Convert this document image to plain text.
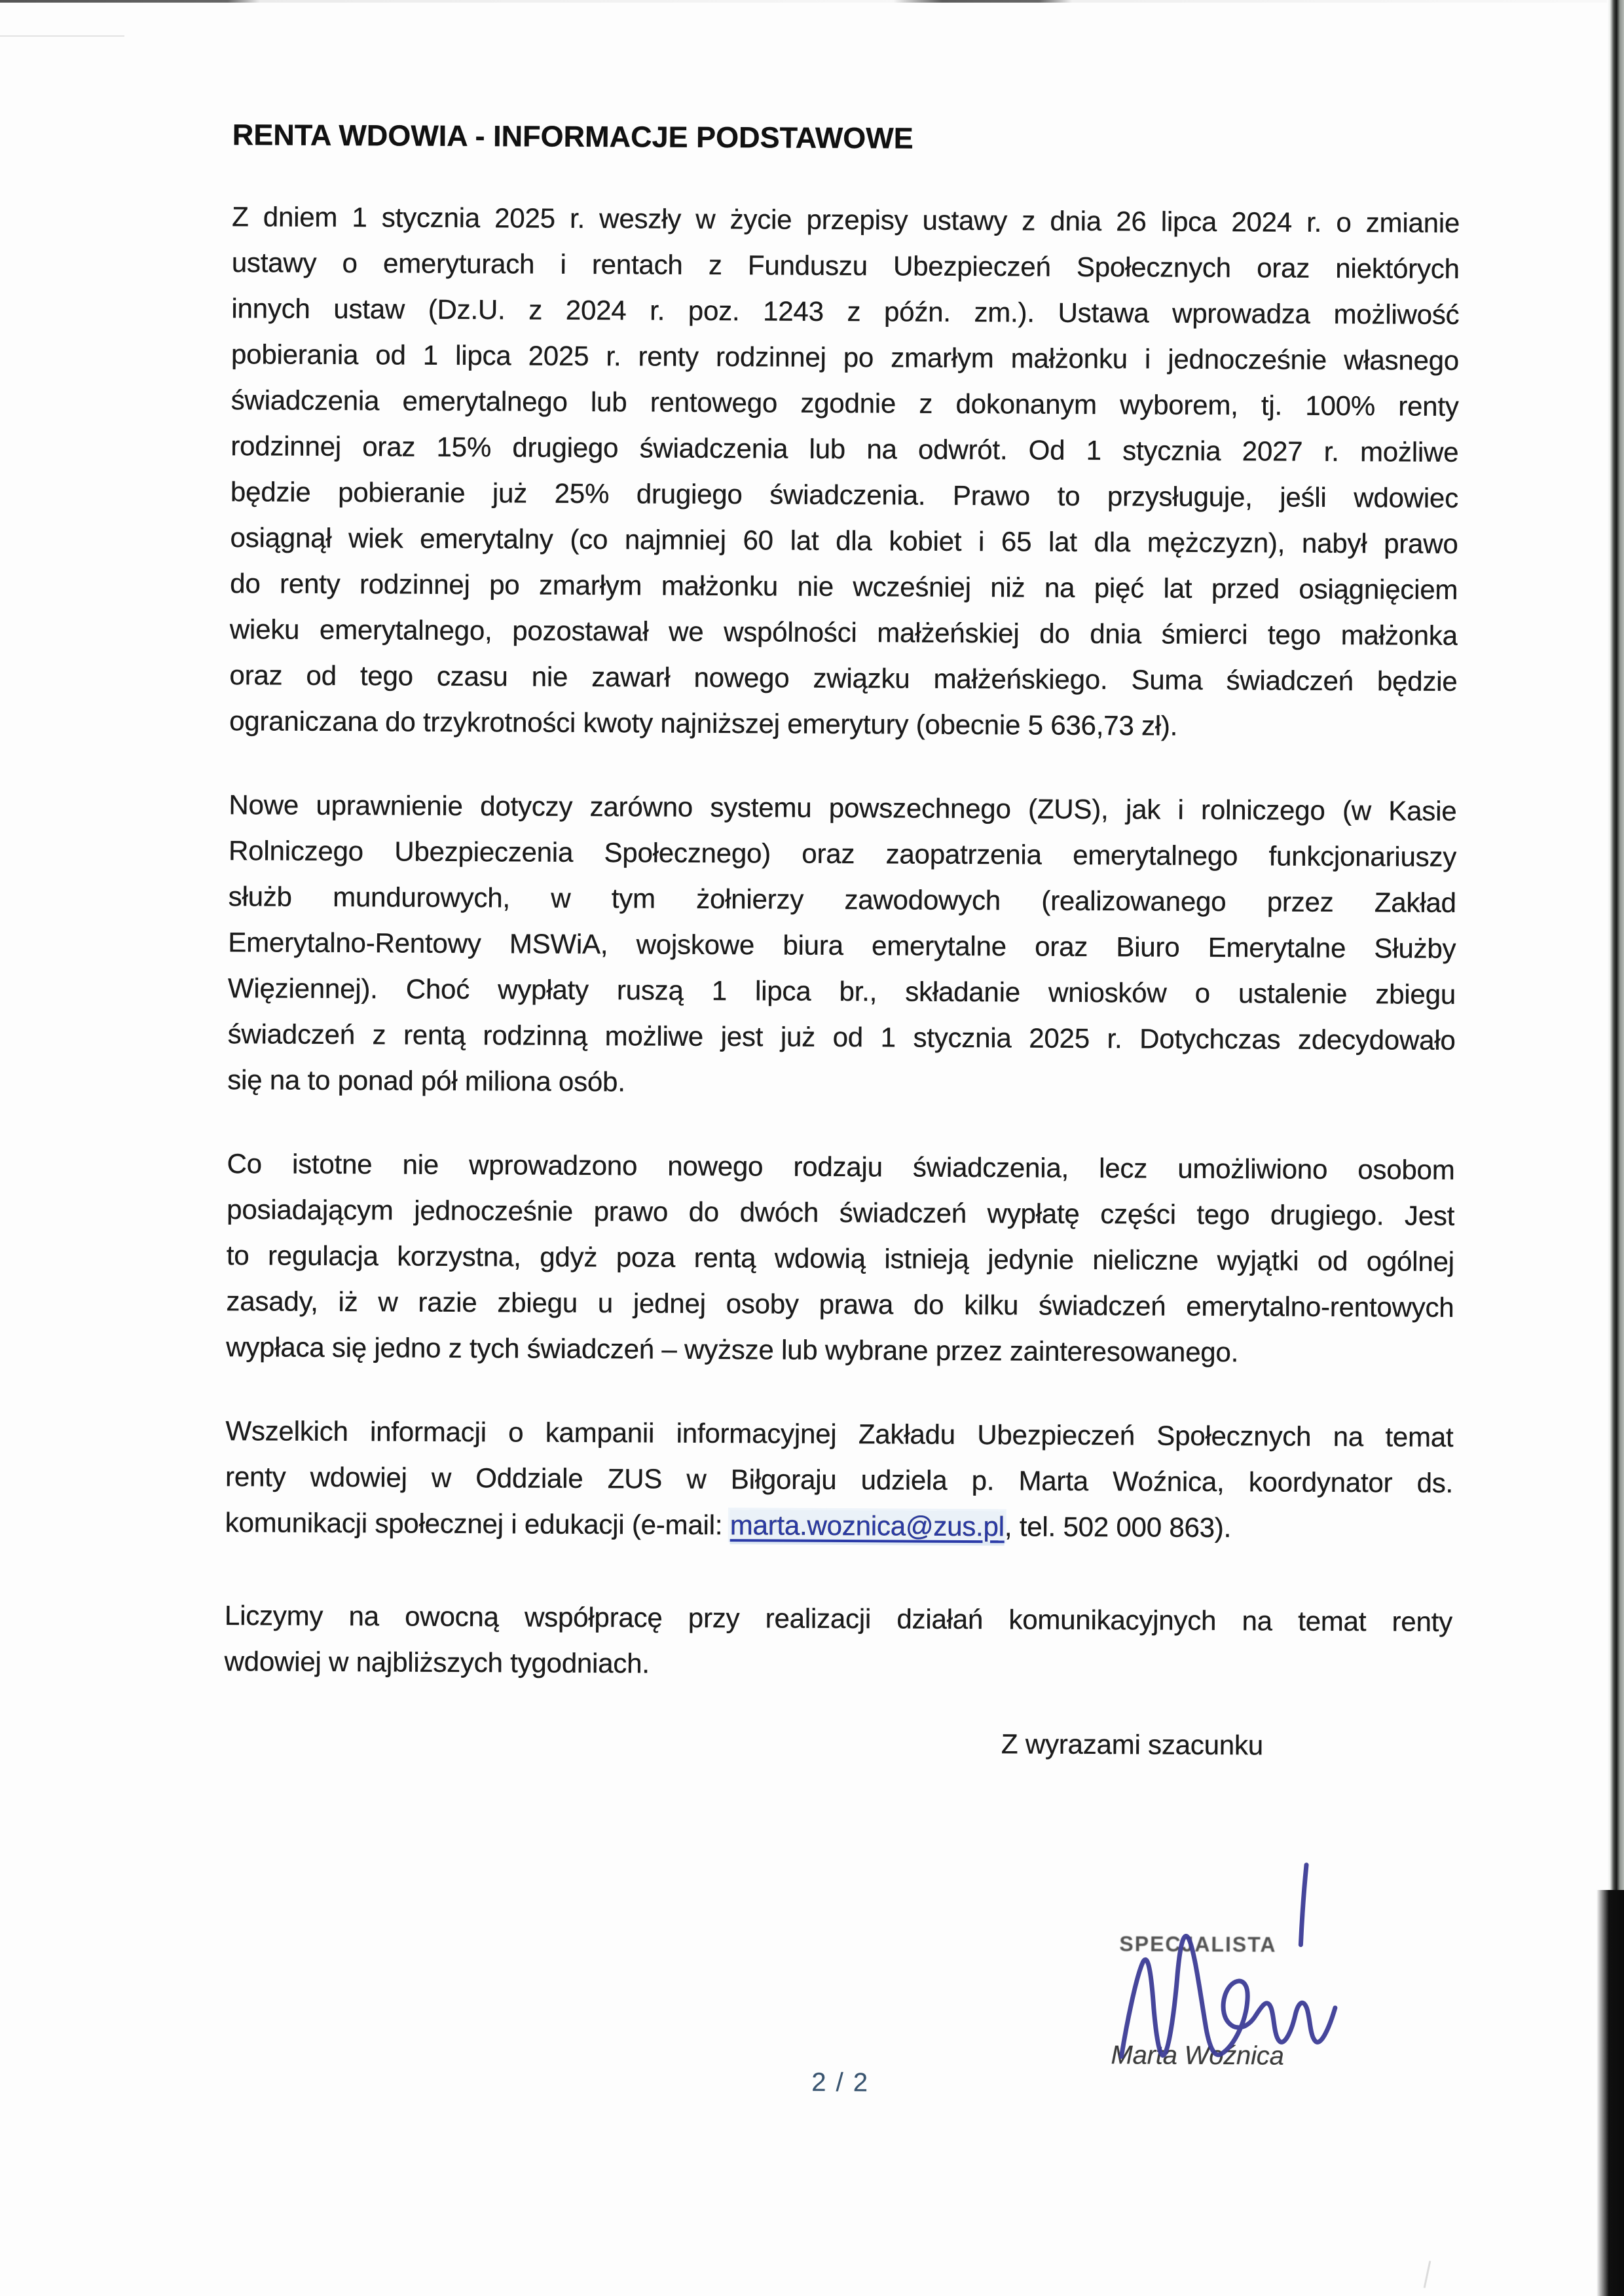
RENTA WDOWIA - INFORMACJE PODSTAWOWE
Z dniem 1 stycznia 2025 r. weszły w życie przepisy ustawy z dnia 26 lipca 2024 r. o zmianie
ustawy o emeryturach i rentach z Funduszu Ubezpieczeń Społecznych oraz niektórych
innych ustaw (Dz.U. z 2024 r. poz. 1243 z późn. zm.). Ustawa wprowadza możliwość
pobierania od 1 lipca 2025 r. renty rodzinnej po zmarłym małżonku i jednocześnie własnego
świadczenia emerytalnego lub rentowego zgodnie z dokonanym wyborem, tj. 100% renty
rodzinnej oraz 15% drugiego świadczenia lub na odwrót. Od 1 stycznia 2027 r. możliwe
będzie pobieranie już 25% drugiego świadczenia. Prawo to przysługuje, jeśli wdowiec
osiągnął wiek emerytalny (co najmniej 60 lat dla kobiet i 65 lat dla mężczyzn), nabył prawo
do renty rodzinnej po zmarłym małżonku nie wcześniej niż na pięć lat przed osiągnięciem
wieku emerytalnego, pozostawał we wspólności małżeńskiej do dnia śmierci tego małżonka
oraz od tego czasu nie zawarł nowego związku małżeńskiego. Suma świadczeń będzie
ograniczana do trzykrotności kwoty najniższej emerytury (obecnie 5 636,73 zł).
Nowe uprawnienie dotyczy zarówno systemu powszechnego (ZUS), jak i rolniczego (w Kasie
Rolniczego Ubezpieczenia Społecznego) oraz zaopatrzenia emerytalnego funkcjonariuszy
służb mundurowych, w tym żołnierzy zawodowych (realizowanego przez Zakład
Emerytalno-Rentowy MSWiA, wojskowe biura emerytalne oraz Biuro Emerytalne Służby
Więziennej). Choć wypłaty ruszą 1 lipca br., składanie wniosków o ustalenie zbiegu
świadczeń z rentą rodzinną możliwe jest już od 1 stycznia 2025 r. Dotychczas zdecydowało
się na to ponad pół miliona osób.
Co istotne nie wprowadzono nowego rodzaju świadczenia, lecz umożliwiono osobom
posiadającym jednocześnie prawo do dwóch świadczeń wypłatę części tego drugiego. Jest
to regulacja korzystna, gdyż poza rentą wdowią istnieją jedynie nieliczne wyjątki od ogólnej
zasady, iż w razie zbiegu u jednej osoby prawa do kilku świadczeń emerytalno-rentowych
wypłaca się jedno z tych świadczeń – wyższe lub wybrane przez zainteresowanego.
Wszelkich informacji o kampanii informacyjnej Zakładu Ubezpieczeń Społecznych na temat
renty wdowiej w Oddziale ZUS w Biłgoraju udziela p. Marta Woźnica, koordynator ds.
komunikacji społecznej i edukacji (e-mail: marta.woznica@zus.pl, tel. 502 000 863).
Liczymy na owocną współpracę przy realizacji działań komunikacyjnych na temat renty
wdowiej w najbliższych tygodniach.
Z wyrazami szacunku
SPECJALISTA
Marta Woźnica
2 / 2
